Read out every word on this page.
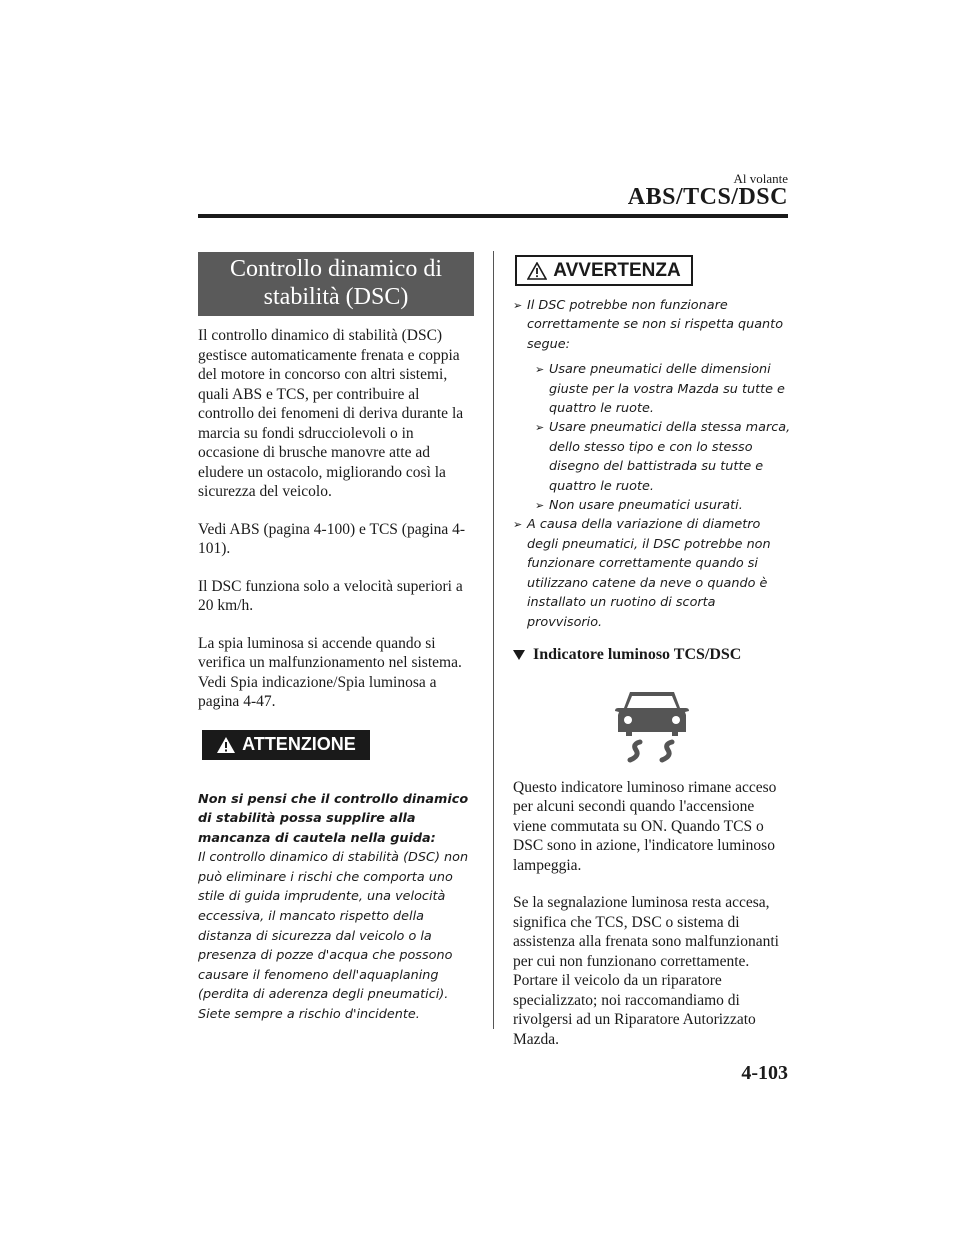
Al volante
ABS/TCS/DSC
Controllo dinamico di stabilità (DSC)

Il controllo dinamico di stabilità (DSC) gestisce automaticamente frenata e coppia del motore in concorso con altri sistemi, quali ABS e TCS, per contribuire al controllo dei fenomeni di deriva durante la marcia su fondi sdrucciolevoli o in occasione di brusche manovre atte ad eludere un ostacolo, migliorando così la sicurezza del veicolo.

Vedi ABS (pagina 4-100) e TCS (pagina 4-101).

Il DSC funziona solo a velocità superiori a 20 km/h.

La spia luminosa si accende quando si verifica un malfunzionamento nel sistema. Vedi Spia indicazione/Spia luminosa a pagina 4-47.

ATTENZIONE
Non si pensi che il controllo dinamico di stabilità possa supplire alla mancanza di cautela nella guida:
Il controllo dinamico di stabilità (DSC) non può eliminare i rischi che comporta uno stile di guida imprudente, una velocità eccessiva, il mancato rispetto della distanza di sicurezza dal veicolo o la presenza di pozze d'acqua che possono causare il fenomeno dell'aquaplaning (perdita di aderenza degli pneumatici). Siete sempre a rischio d'incidente.
AVVERTENZA
➢ Il DSC potrebbe non funzionare correttamente se non si rispetta quanto segue:
➢ Usare pneumatici delle dimensioni giuste per la vostra Mazda su tutte e quattro le ruote.
➢ Usare pneumatici della stessa marca, dello stesso tipo e con lo stesso disegno del battistrada su tutte e quattro le ruote.
➢ Non usare pneumatici usurati.
➢ A causa della variazione di diametro degli pneumatici, il DSC potrebbe non funzionare correttamente quando si utilizzano catene da neve o quando è installato un ruotino di scorta provvisorio.
Indicatore luminoso TCS/DSC

Questo indicatore luminoso rimane acceso per alcuni secondi quando l'accensione viene commutata su ON. Quando TCS o DSC sono in azione, l'indicatore luminoso lampeggia.

Se la segnalazione luminosa resta accesa, significa che TCS, DSC o sistema di assistenza alla frenata sono malfunzionanti per cui non funzionano correttamente. Portare il veicolo da un riparatore specializzato; noi raccomandiamo di rivolgersi ad un Riparatore Autorizzato Mazda.

4-103
